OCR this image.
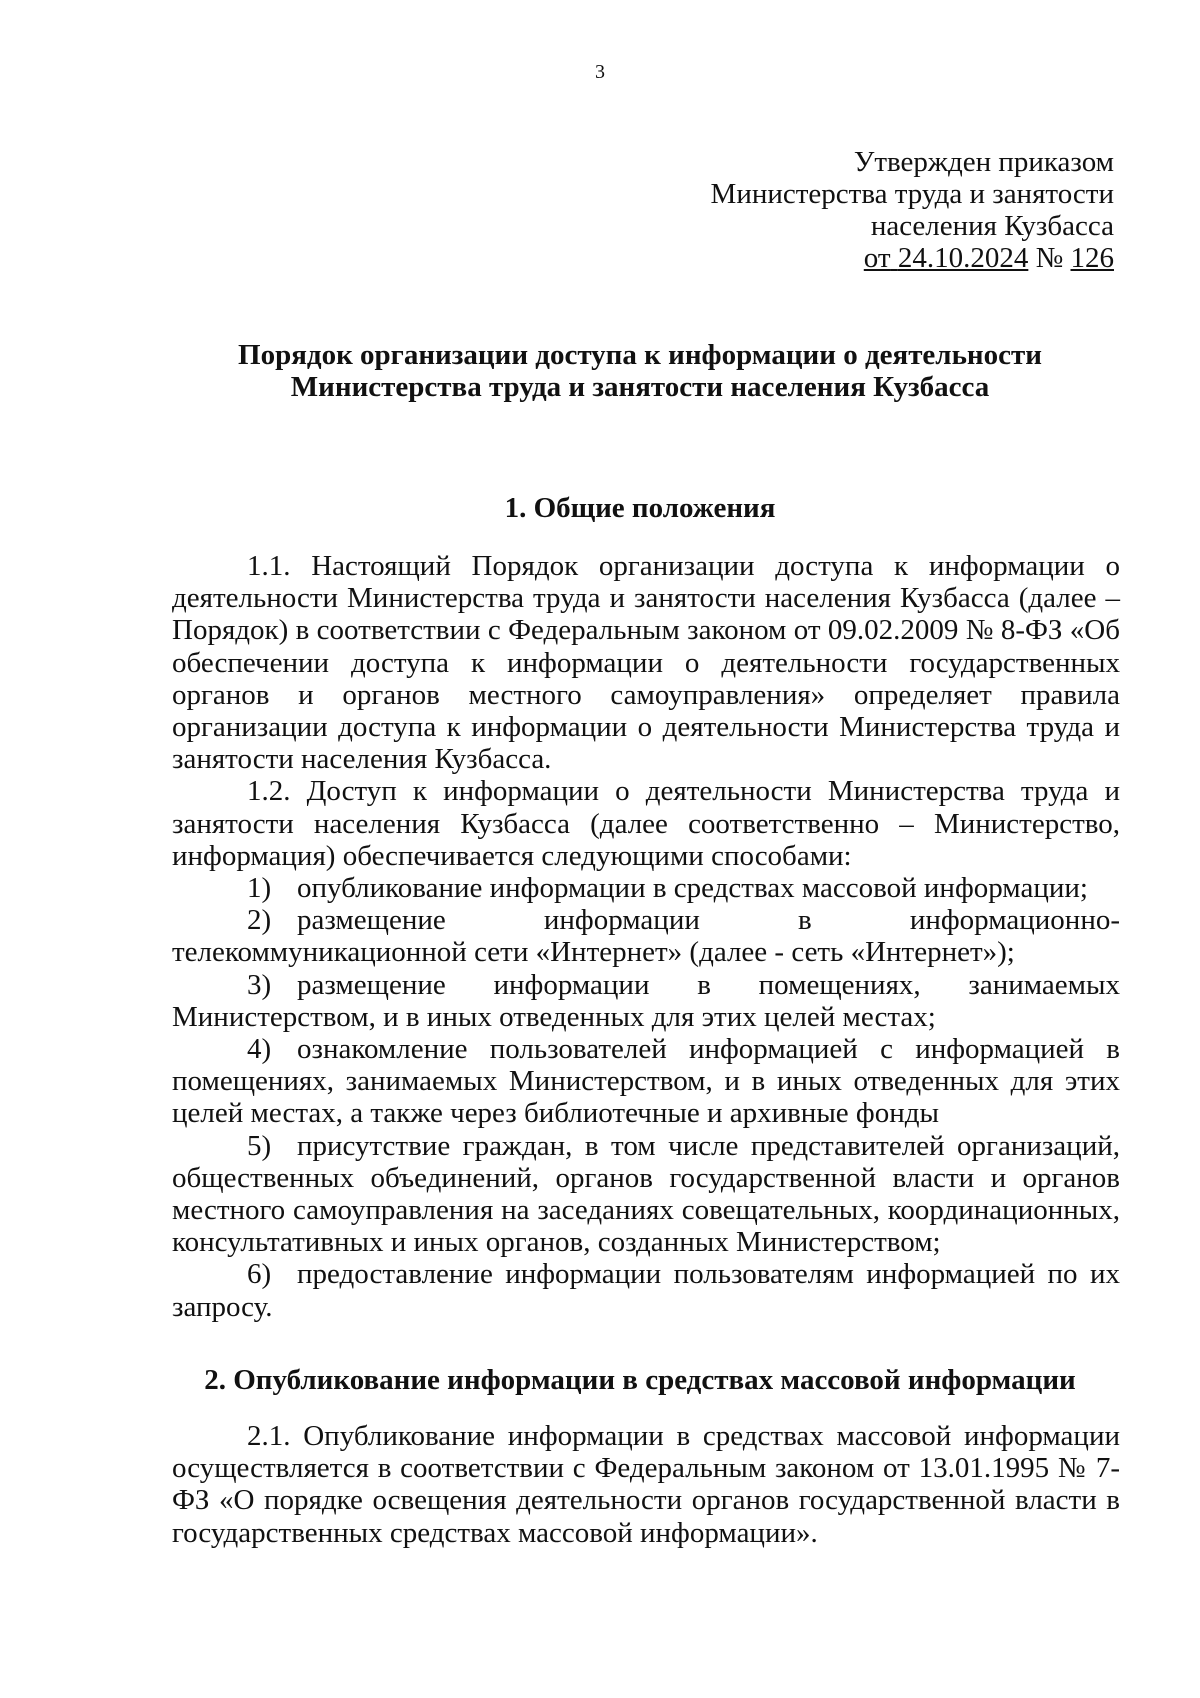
3
Утвержден приказом
Министерства труда и занятости
населения Кузбасса
от 24.10.2024 № 126
Порядок организации доступа к информации о деятельности
Министерства труда и занятости населения Кузбасса
1. Общие положения

1.1. Настоящий Порядок организации доступа к информации о деятельности Министерства труда и занятости населения Кузбасса (далее – Порядок) в соответствии с Федеральным законом от 09.02.2009 № 8-ФЗ «Об обеспечении доступа к информации о деятельности государственных органов и органов местного самоуправления» определяет правила организации доступа к информации о деятельности Министерства труда и занятости населения Кузбасса.

1.2. Доступ к информации о деятельности Министерства труда и занятости населения Кузбасса (далее соответственно – Министерство, информация) обеспечивается следующими способами:

1) опубликование информации в средствах массовой информации;

2) размещение информации в информационно-телекоммуникационной сети «Интернет» (далее - сеть «Интернет»);

3) размещение информации в помещениях, занимаемых Министерством, и в иных отведенных для этих целей местах;

4) ознакомление пользователей информацией с информацией в помещениях, занимаемых Министерством, и в иных отведенных для этих целей местах, а также через библиотечные и архивные фонды

5) присутствие граждан, в том числе представителей организаций, общественных объединений, органов государственной власти и органов местного самоуправления на заседаниях совещательных, координационных, консультативных и иных органов, созданных Министерством;

6) предоставление информации пользователям информацией по их запросу.

2. Опубликование информации в средствах массовой информации

2.1. Опубликование информации в средствах массовой информации осуществляется в соответствии с Федеральным законом от 13.01.1995 № 7-ФЗ «О порядке освещения деятельности органов государственной власти в государственных средствах массовой информации».
